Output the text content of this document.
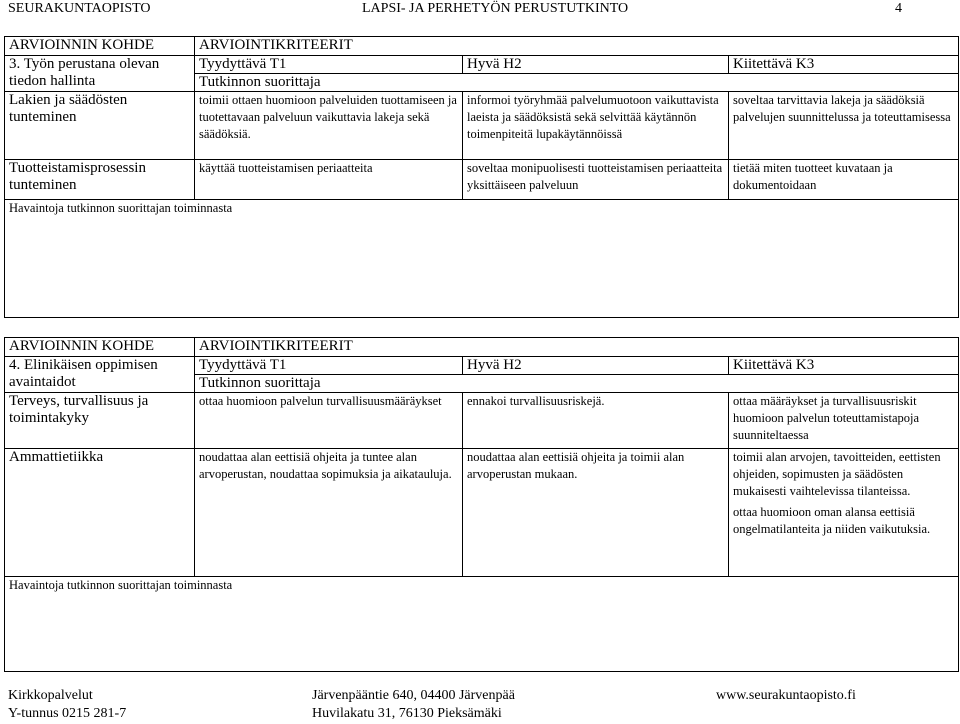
SEURAKUNTAOPISTO	LAPSI- JA PERHETYÖN PERUSTUTKINTO	4
ARVIOINNIN KOHDE	ARVIOINTIKRITEERIT		

3. Työn perustana olevan
tiedon hallinta	Tyydyttävä T1	Hyvä H2	Kiitettävä K3
	Tutkinnon suorittaja		
Lakien ja säädösten tunteminen	toimii ottaen huomioon palveluiden tuottamiseen ja tuotettavaan palveluun vaikuttavia lakeja sekä säädöksiä.	informoi työryhmää palvelumuotoon vaikuttavista laeista ja säädöksistä sekä selvittää käytännön toimenpiteitä lupakäytännöissä	soveltaa tarvittavia lakeja ja säädöksiä palvelujen suunnittelussa ja toteuttamisessa
Tuotteistamisprosessin tunteminen	käyttää tuotteistamisen periaatteita	soveltaa monipuolisesti tuotteistamisen periaatteita yksittäiseen palveluun	tietää miten tuotteet kuvataan ja dokumentoidaan
Havaintoja tutkinnon suorittajan toiminnasta			
ARVIOINNIN KOHDE	ARVIOINTIKRITEERIT		

4. Elinikäisen oppimisen
avaintaidot	Tyydyttävä T1	Hyvä H2	Kiitettävä K3
	Tutkinnon suorittaja		
Terveys, turvallisuus ja toimintakyky	ottaa huomioon palvelun turvallisuusmääräykset	ennakoi turvallisuusriskejä.	ottaa määräykset ja turvallisuusriskit huomioon palvelun toteuttamistapoja suunniteltaessa
Ammattietiikka	noudattaa alan eettisiä ohjeita ja tuntee alan arvoperustan, noudattaa sopimuksia ja aikatauluja.	noudattaa alan eettisiä ohjeita ja toimii alan arvoperustan mukaan.	toimii alan arvojen, tavoitteiden, eettisten ohjeiden, sopimusten ja säädösten mukaisesti vaihtelevissa tilanteissa.
ottaa huomioon oman alansa eettisiä ongelmatilanteita ja niiden vaikutuksia.

Havaintoja tutkinnon suorittajan toiminnasta			
Kirkkopalvelut
Y-tunnus 0215 281-7
Järvenpääntie 640, 04400 Järvenpää
Huvilakatu 31, 76130 Pieksämäki
www.seurakuntaopisto.fi
